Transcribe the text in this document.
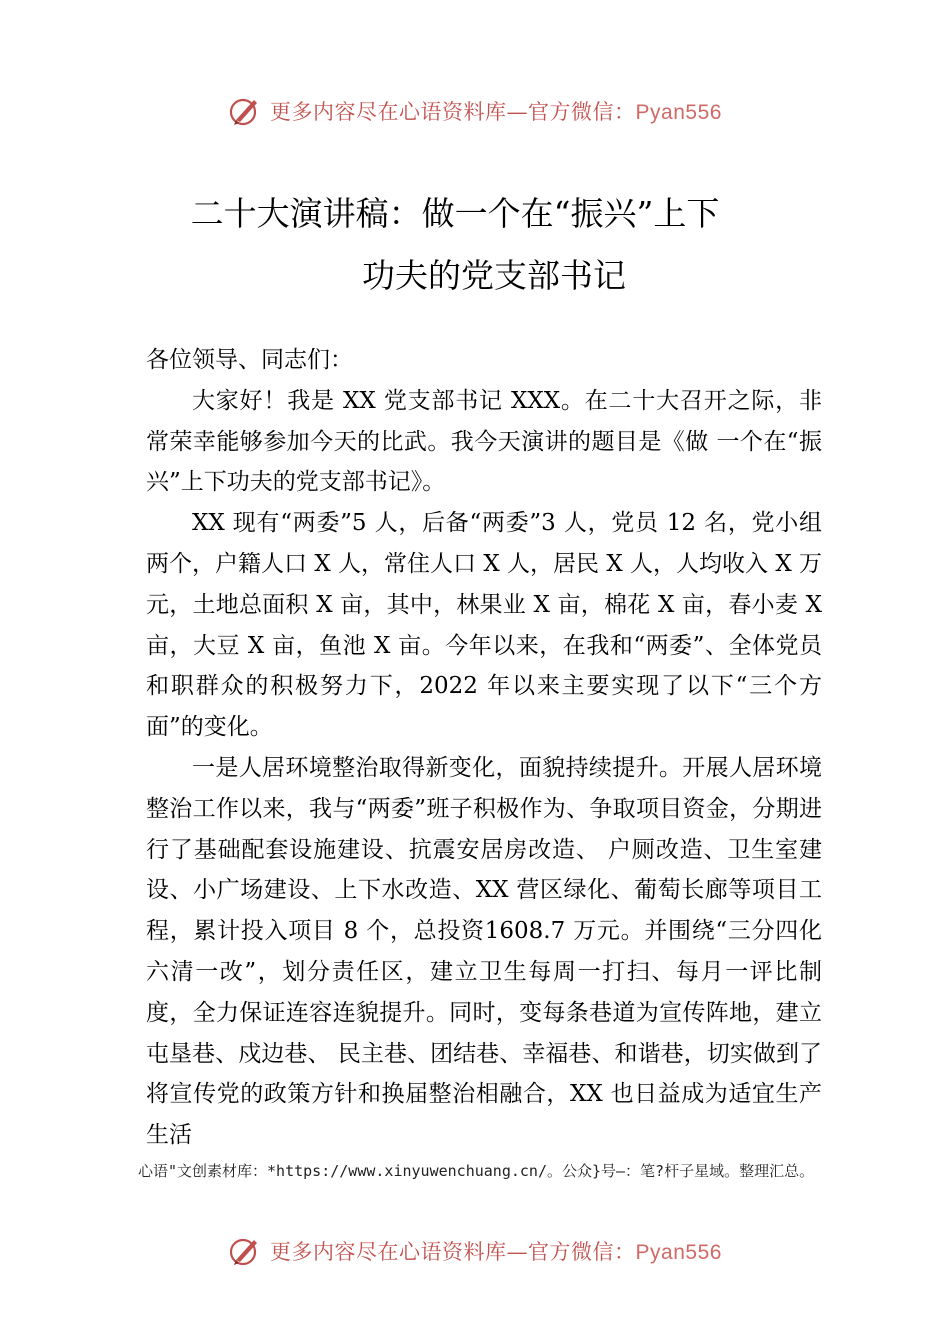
更多内容尽在心语资料库—官方微信：Pyan556
二十大演讲稿：做一个在“振兴”上下
功夫的党支部书记

各位领导、同志们：

大家好！我是 XX 党支部书记 XXX。在二十大召开之际，非常荣幸能够参加今天的比武。我今天演讲的题目是《做 一个在“振兴”上下功夫的党支部书记》。

XX 现有“两委”5 人，后备“两委”3 人，党员 12 名，党小组两个，户籍人口 X 人，常住人口 X 人，居民 X 人，人均收入 X 万元，土地总面积 X 亩，其中，林果业 X 亩，棉花 X 亩，春小麦 X 亩，大豆 X 亩，鱼池 X 亩。今年以来，在我和“两委”、全体党员和职群众的积极努力下，2022 年以来主要实现了以下“三个方面”的变化。

一是人居环境整治取得新变化，面貌持续提升。开展人居环境整治工作以来，我与“两委”班子积极作为、争取项目资金，分期进行了基础配套设施建设、抗震安居房改造、 户厕改造、卫生室建设、小广场建设、上下水改造、XX 营区绿化、葡萄长廊等项目工程，累计投入项目 8 个，总投资1608.7 万元。并围绕“三分四化六清一改”，划分责任区，建立卫生每周一打扫、每月一评比制度，全力保证连容连貌提升。同时，变每条巷道为宣传阵地，建立屯垦巷、戍边巷、 民主巷、团结巷、幸福巷、和谐巷，切实做到了将宣传党的政策方针和换届整治相融合，XX 也日益成为适宜生产生活

心语"文创素材库：*https://www.xinyuwenchuang.cn/。公众}号—：笔?杆子星域。整理汇总。
更多内容尽在心语资料库—官方微信：Pyan556
